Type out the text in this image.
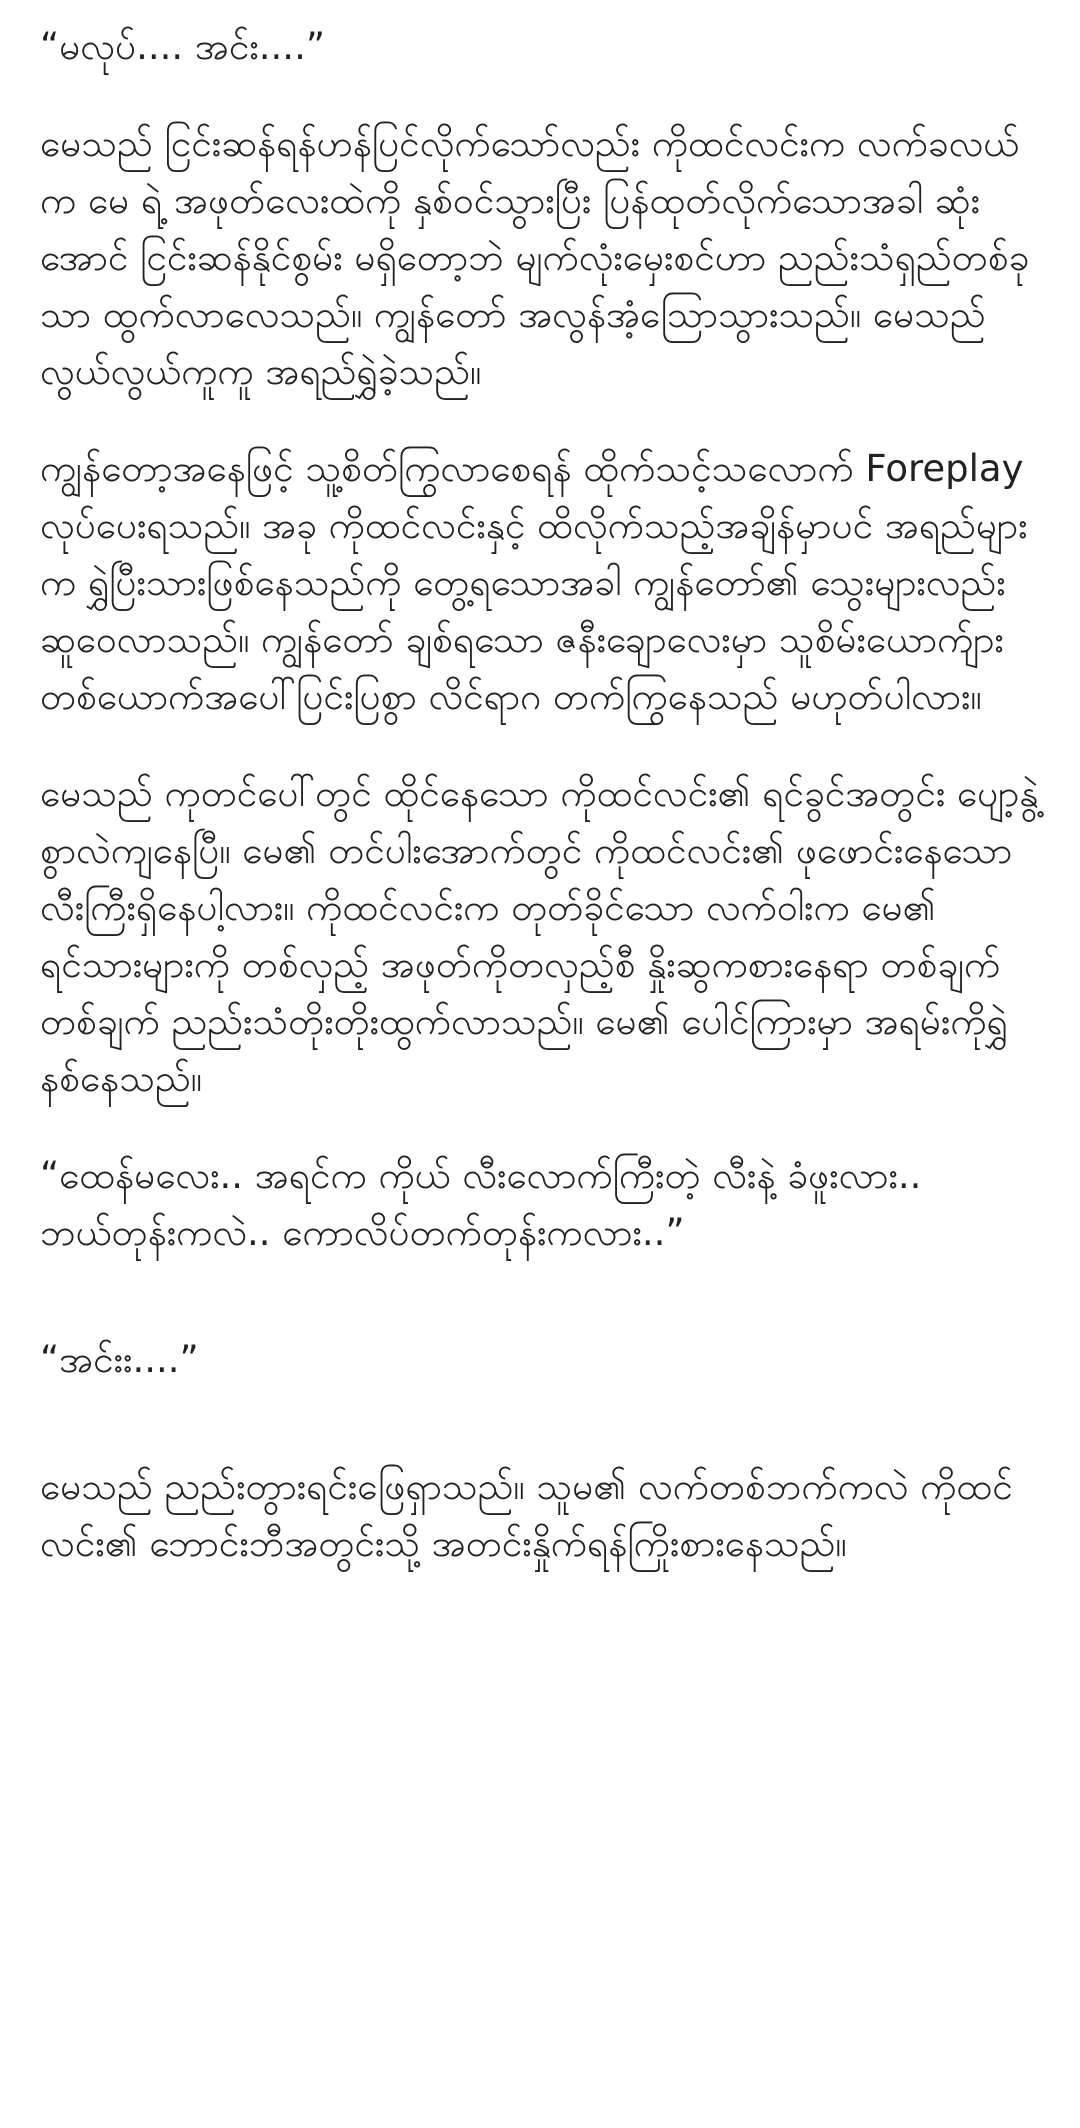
“မလုပ်.... အင်း....”

မေသည် ငြင်းဆန်ရန်ဟန်ပြင်လိုက်သော်လည်း ကိုထင်လင်းက လက်ခလယ်က မေ ရဲ့ အဖုတ်လေးထဲကို နှစ်ဝင်သွားပြီး ပြန်ထုတ်လိုက်သောအခါ ဆုံးအောင် ငြင်းဆန်နိုင်စွမ်း မရှိတော့ဘဲ မျက်လုံးမှေးစင်ဟာ ညည်းသံရှည်တစ်ခုသာ ထွက်လာလေသည်။ ကျွန်တော် အလွန်အံ့သြောသွားသည်။ မေသည် လွယ်လွယ်ကူကူ အရည်ရွှဲခဲ့သည်။

ကျွန်တော့အနေဖြင့် သူ့စိတ်ကြွလာစေရန် ထိုက်သင့်သလောက် Foreplay လုပ်ပေးရသည်။ အခု ကိုထင်လင်းနှင့် ထိလိုက်သည့်အချိန်မှာပင် အရည်များက ရွှဲပြီးသားဖြစ်နေသည်ကို တွေ့ရသောအခါ ကျွန်တော်၏ သွေးများလည်း ဆူဝေလာသည်။ ကျွန်တော် ချစ်ရသော ဇနီးချောလေးမှာ သူစိမ်းယောက်ျားတစ်ယောက်အပေါ်ပြင်းပြစွာ လိင်ရာဂ တက်ကြွနေသည် မဟုတ်ပါလား။

မေသည် ကုတင်ပေါ်တွင် ထိုင်နေသော ကိုထင်လင်း၏ ရင်ခွင်အတွင်း ပျော့နွဲ့စွာလဲကျနေပြီ။ မေ၏ တင်ပါးအောက်တွင် ကိုထင်လင်း၏ ဖုဖောင်းနေသောလီးကြီးရှိနေပါ့လား။ ကိုထင်လင်းက တုတ်ခိုင်သော လက်ဝါးက မေ၏ ရင်သားများကို တစ်လှည့် အဖုတ်ကိုတလှည့်စီ နှိုးဆွကစားနေရာ တစ်ချက်တစ်ချက် ညည်းသံတိုးတိုးထွက်လာသည်။ မေ၏ ပေါင်ကြားမှာ အရမ်းကိုရွှဲနစ်နေသည်။

“ထေန်မလေး.. အရင်က ကိုယ် လီးလောက်ကြီးတဲ့ လီးနဲ့ ခံဖူးလား.. ဘယ်တုန်းကလဲ.. ကောလိပ်တက်တုန်းကလား..”

“အင်းး....”

မေသည် ညည်းတွားရင်းဖြေရှာသည်။ သူမ၏ လက်တစ်ဘက်ကလဲ ကိုထင်လင်း၏ ဘောင်းဘီအတွင်းသို့ အတင်းနှိုက်ရန်ကြိုးစားနေသည်။
